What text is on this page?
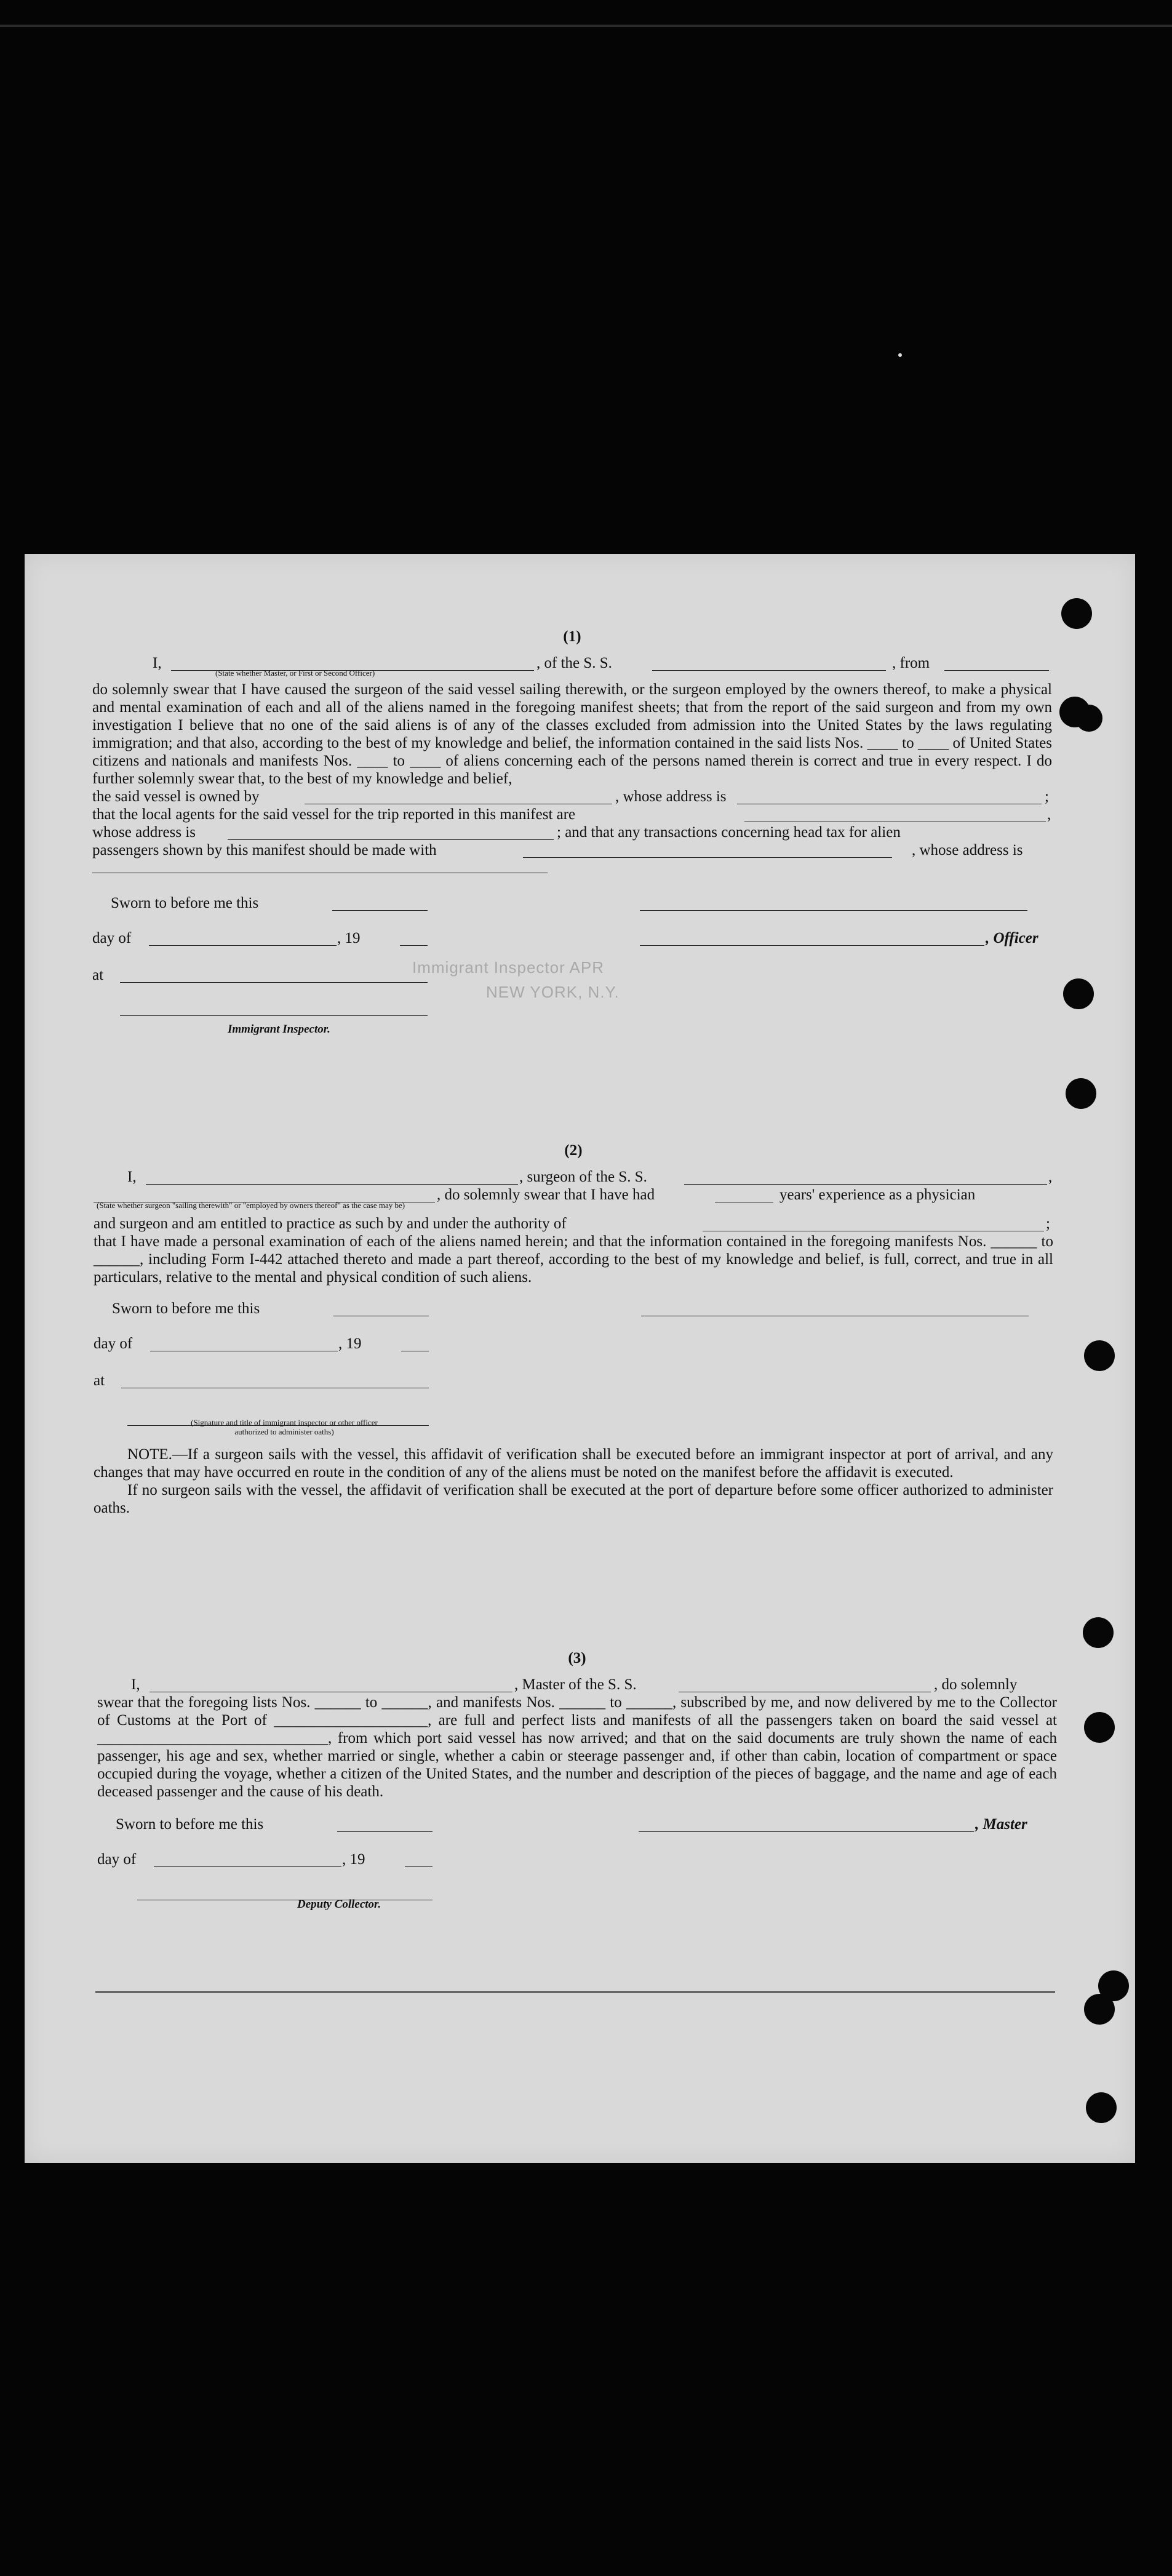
(1)
I,	, of the S. S.	, from
(State whether Master, or First or Second Officer)
do solemnly swear that I have caused the surgeon of the said vessel sailing therewith, or the surgeon employed by the owners thereof, to make a physical and mental examination of each and all of the aliens named in the foregoing manifest sheets; that from the report of the said surgeon and from my own investigation I believe that no one of the said aliens is of any of the classes excluded from admission into the United States by the laws regulating immigration; and that also, according to the best of my knowledge and belief, the information contained in the said lists Nos. ____ to ____ of United States citizens and nationals and manifests Nos. ____ to ____ of aliens concerning each of the persons named therein is correct and true in every respect. I do further solemnly swear that, to the best of my knowledge and belief,
the said vessel is owned by	, whose address is	;
that the local agents for the said vessel for the trip reported in this manifest are	,
whose address is	; and that any transactions concerning head tax for alien
passengers shown by this manifest should be made with	, whose address is
Sworn to before me this
day of	, 19	, Officer
at	Immigrant Inspector APR
NEW YORK, N.Y.
Immigrant Inspector.
(2)
I,	, surgeon of the S. S.	,
, do solemnly swear that I have had	years' experience as a physician
(State whether surgeon "sailing therewith" or "employed by owners thereof" as the case may be)
and surgeon and am entitled to practice as such by and under the authority of	;
that I have made a personal examination of each of the aliens named herein; and that the information contained in the foregoing manifests Nos. ______ to ______, including Form I-442 attached thereto and made a part thereof, according to the best of my knowledge and belief, is full, correct, and true in all particulars, relative to the mental and physical condition of such aliens.
Sworn to before me this
day of	, 19
at
(Signature and title of immigrant inspector or other officer authorized to administer oaths)
NOTE.—If a surgeon sails with the vessel, this affidavit of verification shall be executed before an immigrant inspector at port of arrival, and any changes that may have occurred en route in the condition of any of the aliens must be noted on the manifest before the affidavit is executed.
If no surgeon sails with the vessel, the affidavit of verification shall be executed at the port of departure before some officer authorized to administer oaths.
(3)
I,	, Master of the S. S.	, do solemnly
swear that the foregoing lists Nos. ______ to ______, and manifests Nos. ______ to ______, subscribed by me, and now delivered by me to the Collector of Customs at the Port of ____________________, are full and perfect lists and manifests of all the passengers taken on board the said vessel at ______________________________, from which port said vessel has now arrived; and that on the said documents are truly shown the name of each passenger, his age and sex, whether married or single, whether a cabin or steerage passenger and, if other than cabin, location of compartment or space occupied during the voyage, whether a citizen of the United States, and the number and description of the pieces of baggage, and the name and age of each deceased passenger and the cause of his death.
Sworn to before me this	, Master
day of	, 19
Deputy Collector.
